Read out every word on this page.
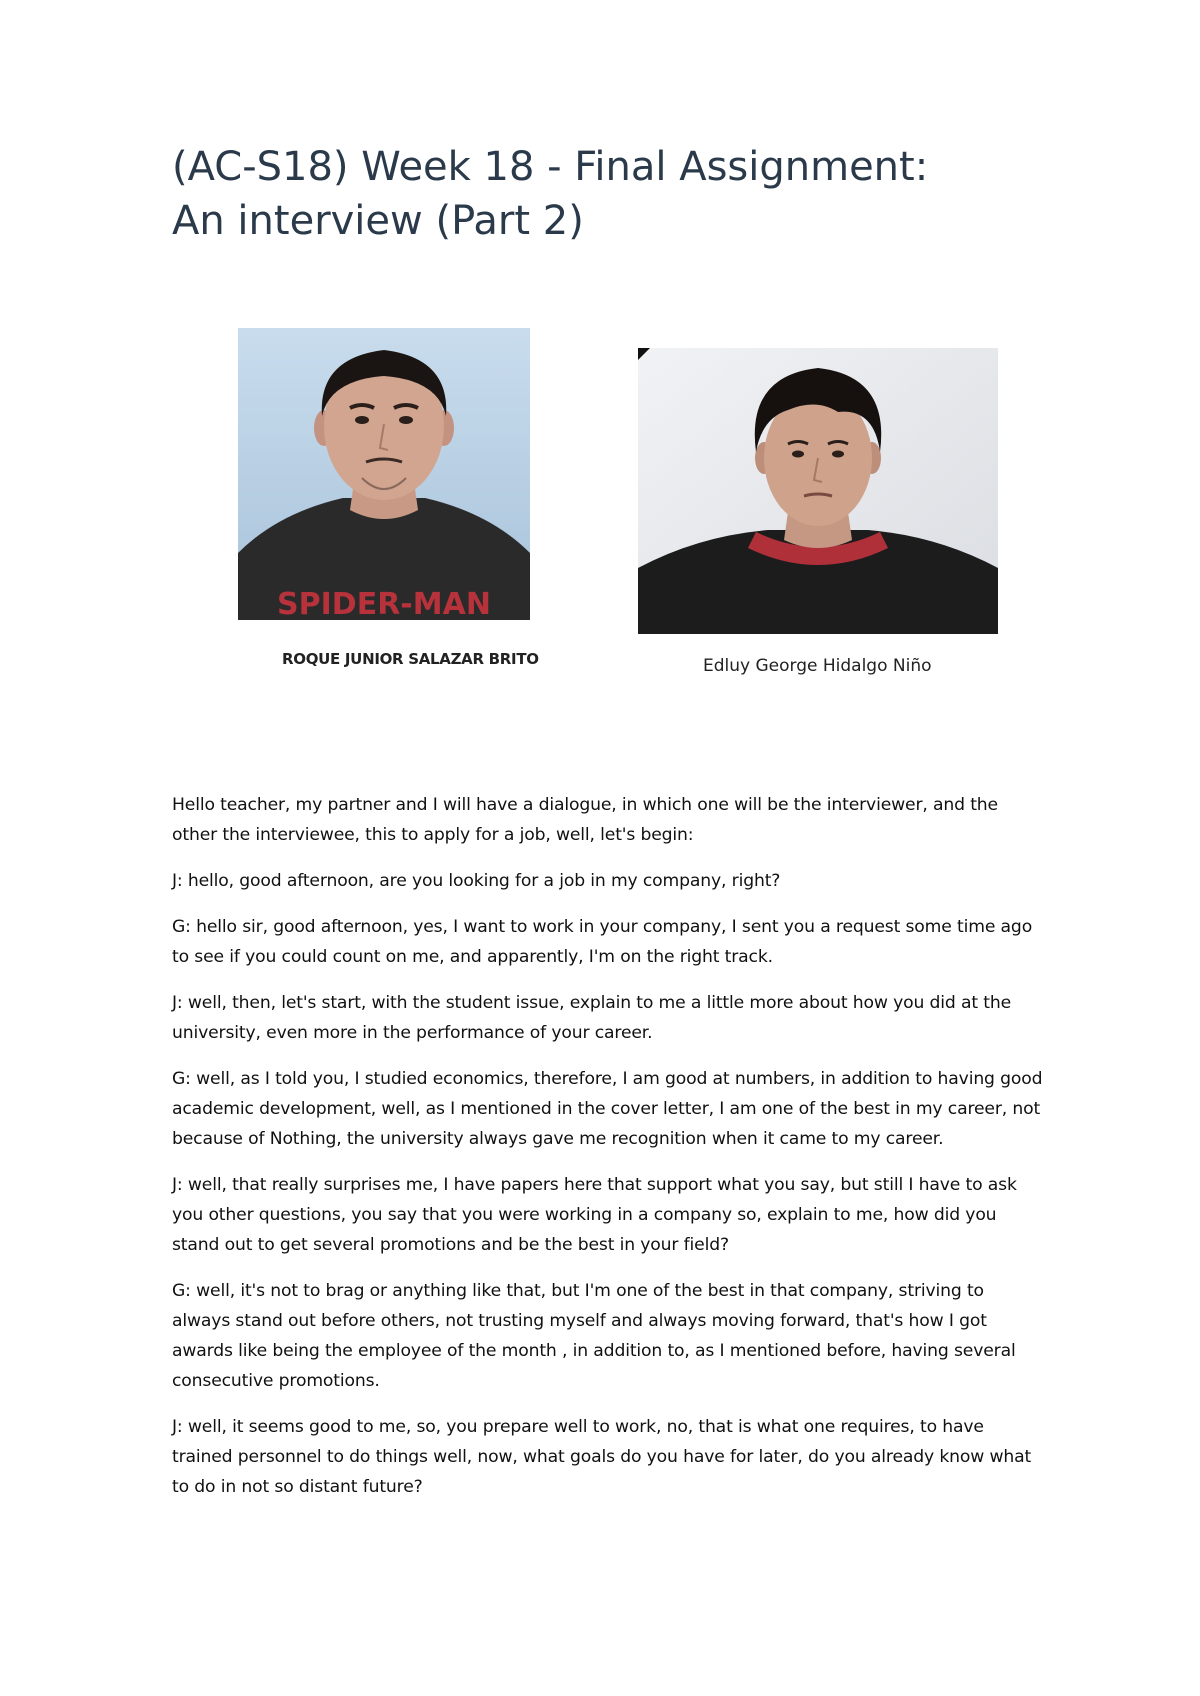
(AC-S18) Week 18 - Final Assignment:
An interview (Part 2)
SPIDER-MAN
ROQUE JUNIOR SALAZAR BRITO	Edluy George Hidalgo Niño

Hello teacher, my partner and I will have a dialogue, in which one will be the interviewer, and the other the interviewee, this to apply for a job, well, let's begin:

J: hello, good afternoon, are you looking for a job in my company, right?

G: hello sir, good afternoon, yes, I want to work in your company, I sent you a request some time ago to see if you could count on me, and apparently, I'm on the right track.

J: well, then, let's start, with the student issue, explain to me a little more about how you did at the university, even more in the performance of your career.

G: well, as I told you, I studied economics, therefore, I am good at numbers, in addition to having good academic development, well, as I mentioned in the cover letter, I am one of the best in my career, not because of Nothing, the university always gave me recognition when it came to my career.

J: well, that really surprises me, I have papers here that support what you say, but still I have to ask you other questions, you say that you were working in a company so, explain to me, how did you stand out to get several promotions and be the best in your field?

G: well, it's not to brag or anything like that, but I'm one of the best in that company, striving to always stand out before others, not trusting myself and always moving forward, that's how I got awards like being the employee of the month , in addition to, as I mentioned before, having several consecutive promotions.

J: well, it seems good to me, so, you prepare well to work, no, that is what one requires, to have trained personnel to do things well, now, what goals do you have for later, do you already know what to do in not so distant future?
